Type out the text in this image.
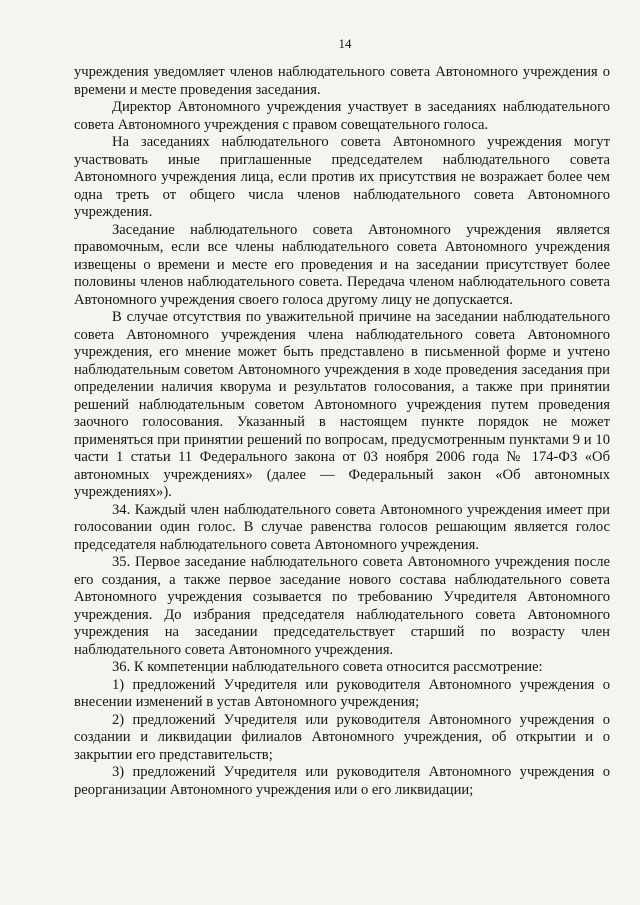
14

учреждения уведомляет членов наблюдательного совета Автономного учреждения о времени и месте проведения заседания.

Директор Автономного учреждения участвует в заседаниях наблюдательного совета Автономного учреждения с правом совещательного голоса.

На заседаниях наблюдательного совета Автономного учреждения могут участвовать иные приглашенные председателем наблюдательного совета Автономного учреждения лица, если против их присутствия не возражает более чем одна треть от общего числа членов наблюдательного совета Автономного учреждения.

Заседание наблюдательного совета Автономного учреждения является правомочным, если все члены наблюдательного совета Автономного учреждения извещены о времени и месте его проведения и на заседании присутствует более половины членов наблюдательного совета. Передача членом наблюдательного совета Автономного учреждения своего голоса другому лицу не допускается.

В случае отсутствия по уважительной причине на заседании наблюдательного совета Автономного учреждения члена наблюдательного совета Автономного учреждения, его мнение может быть представлено в письменной форме и учтено наблюдательным советом Автономного учреждения в ходе проведения заседания при определении наличия кворума и результатов голосования, а также при принятии решений наблюдательным советом Автономного учреждения путем проведения заочного голосования. Указанный в настоящем пункте порядок не может применяться при принятии решений по вопросам, предусмотренным пунктами 9 и 10 части 1 статьи 11 Федерального закона от 03 ноября 2006 года № 174-ФЗ «Об автономных учреждениях» (далее — Федеральный закон «Об автономных учреждениях»).

34. Каждый член наблюдательного совета Автономного учреждения имеет при голосовании один голос. В случае равенства голосов решающим является голос председателя наблюдательного совета Автономного учреждения.

35. Первое заседание наблюдательного совета Автономного учреждения после его создания, а также первое заседание нового состава наблюдательного совета Автономного учреждения созывается по требованию Учредителя Автономного учреждения. До избрания председателя наблюдательного совета Автономного учреждения на заседании председательствует старший по возрасту член наблюдательного совета Автономного учреждения.

36. К компетенции наблюдательного совета относится рассмотрение:

1) предложений Учредителя или руководителя Автономного учреждения о внесении изменений в устав Автономного учреждения;

2) предложений Учредителя или руководителя Автономного учреждения о создании и ликвидации филиалов Автономного учреждения, об открытии и о закрытии его представительств;

3) предложений Учредителя или руководителя Автономного учреждения о реорганизации Автономного учреждения или о его ликвидации;
